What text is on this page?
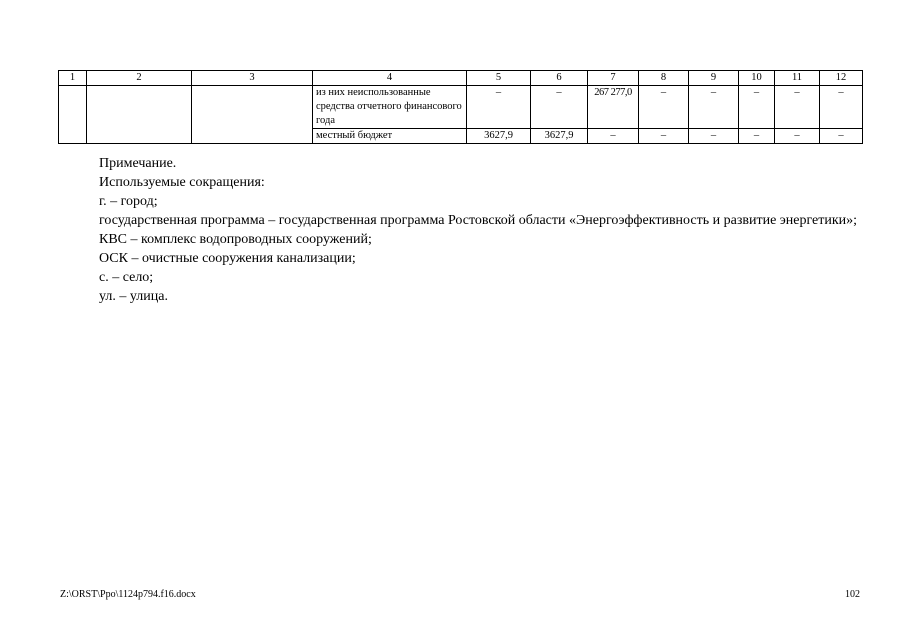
1	2	3	4	5	6	7	8	9	10	11	12
			из них неиспользованные средства отчетного финансового года	–	–	267 277,0	–	–	–	–	–
			местный бюджет	3627,9	3627,9	–	–	–	–	–	–

Примечание.

Используемые сокращения:

г. – город;

государственная программа – государственная программа Ростовской области «Энергоэффективность и развитие энергетики»;

КВС – комплекс водопроводных сооружений;

ОСК – очистные сооружения канализации;

с. – село;

ул. – улица.

Z:\ORST\Ppo\1124p794.f16.docx	102
